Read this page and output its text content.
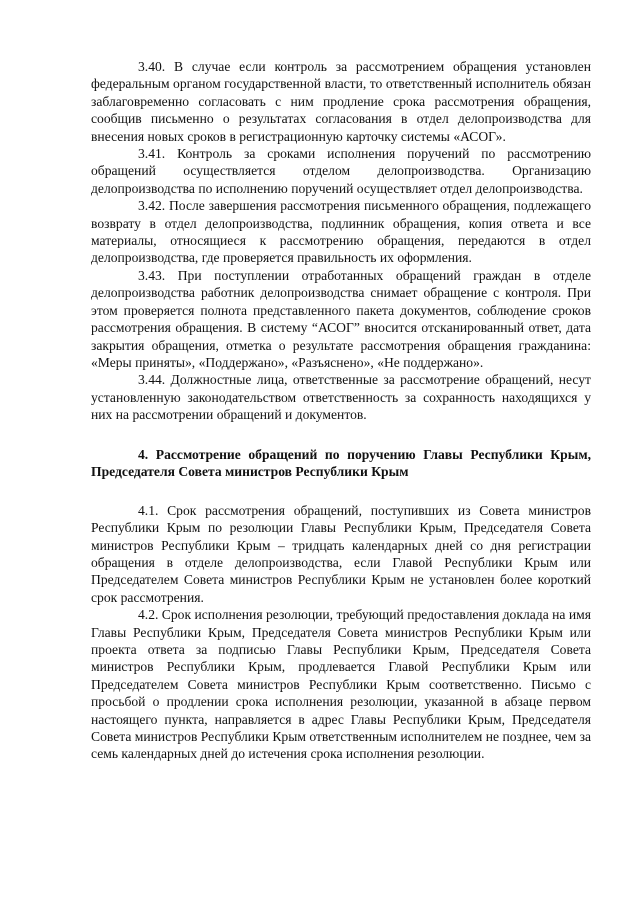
3.40. В случае если контроль за рассмотрением обращения установлен федеральным органом государственной власти, то ответственный исполнитель обязан заблаговременно согласовать с ним продление срока рассмотрения обращения, сообщив письменно о результатах согласования в отдел делопроизводства для внесения новых сроков в регистрационную карточку системы «АСОГ».

3.41. Контроль за сроками исполнения поручений по рассмотрению обращений осуществляется отделом делопроизводства. Организацию делопроизводства по исполнению поручений осуществляет отдел делопроизводства.

3.42. После завершения рассмотрения письменного обращения, подлежащего возврату в отдел делопроизводства, подлинник обращения, копия ответа и все материалы, относящиеся к рассмотрению обращения, передаются в отдел делопроизводства, где проверяется правильность их оформления.

3.43. При поступлении отработанных обращений граждан в отделе делопроизводства работник делопроизводства снимает обращение с контроля. При этом проверяется полнота представленного пакета документов, соблюдение сроков рассмотрения обращения. В систему “АСОГ” вносится отсканированный ответ, дата закрытия обращения, отметка о результате рассмотрения обращения гражданина: «Меры приняты», «Поддержано», «Разъяснено», «Не поддержано».

3.44. Должностные лица, ответственные за рассмотрение обращений, несут установленную законодательством ответственность за сохранность находящихся у них на рассмотрении обращений и документов.

4. Рассмотрение обращений по поручению Главы Республики Крым, Председателя Совета министров Республики Крым

4.1. Срок рассмотрения обращений, поступивших из Совета министров Республики Крым по резолюции Главы Республики Крым, Председателя Совета министров Республики Крым – тридцать календарных дней со дня регистрации обращения в отделе делопроизводства, если Главой Республики Крым или Председателем Совета министров Республики Крым не установлен более короткий срок рассмотрения.

4.2. Срок исполнения резолюции, требующий предоставления доклада на имя Главы Республики Крым, Председателя Совета министров Республики Крым или проекта ответа за подписью Главы Республики Крым, Председателя Совета министров Республики Крым, продлевается Главой Республики Крым или Председателем Совета министров Республики Крым соответственно. Письмо с просьбой о продлении срока исполнения резолюции, указанной в абзаце первом настоящего пункта, направляется в адрес Главы Республики Крым, Председателя Совета министров Республики Крым ответственным исполнителем не позднее, чем за семь календарных дней до истечения срока исполнения резолюции.
